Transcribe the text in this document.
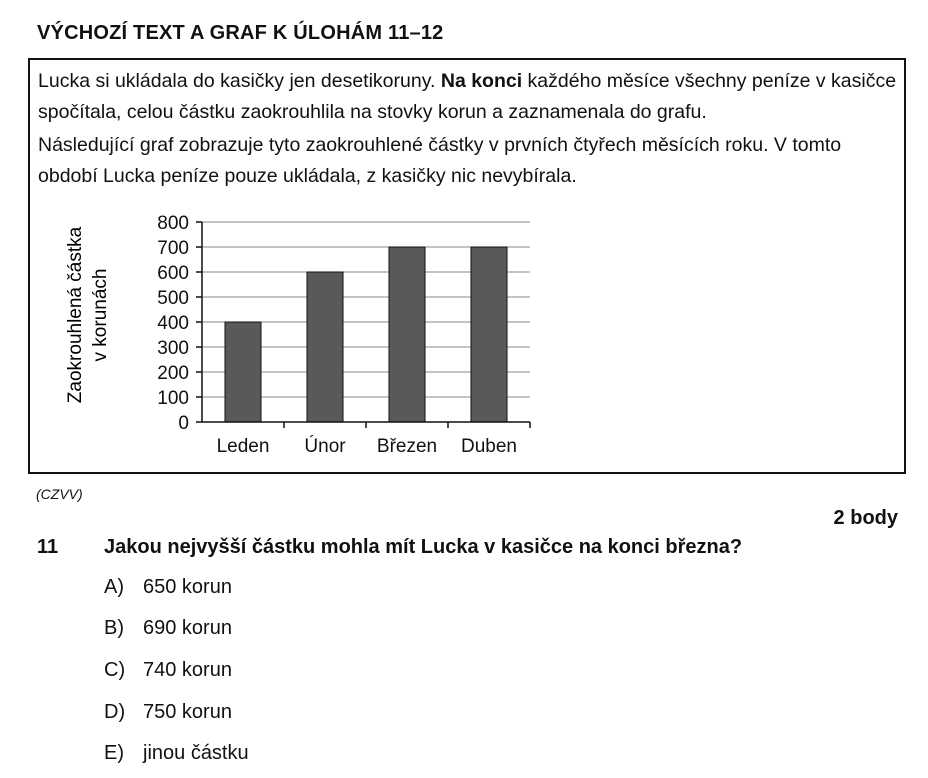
VÝCHOZÍ TEXT A GRAF K ÚLOHÁM 11–12
Lucka si ukládala do kasičky jen desetikoruny. Na konci každého měsíce všechny peníze v kasičce spočítala, celou částku zaokrouhlila na stovky korun a zaznamenala do grafu.
Následující graf zobrazuje tyto zaokrouhlené částky v prvních čtyřech měsících roku. V tomto období Lucka peníze pouze ukládala, z kasičky nic nevybírala.
0
100
200
300
400
500
600
700
800
Leden Únor Březen Duben
Zaokrouhlená částka v korunách
(CZVV)
2 body
11 Jakou nejvyšší částku mohla mít Lucka v kasičce na konci března?
A) 650 korun
B) 690 korun
C) 740 korun
D) 750 korun
E) jinou částku
